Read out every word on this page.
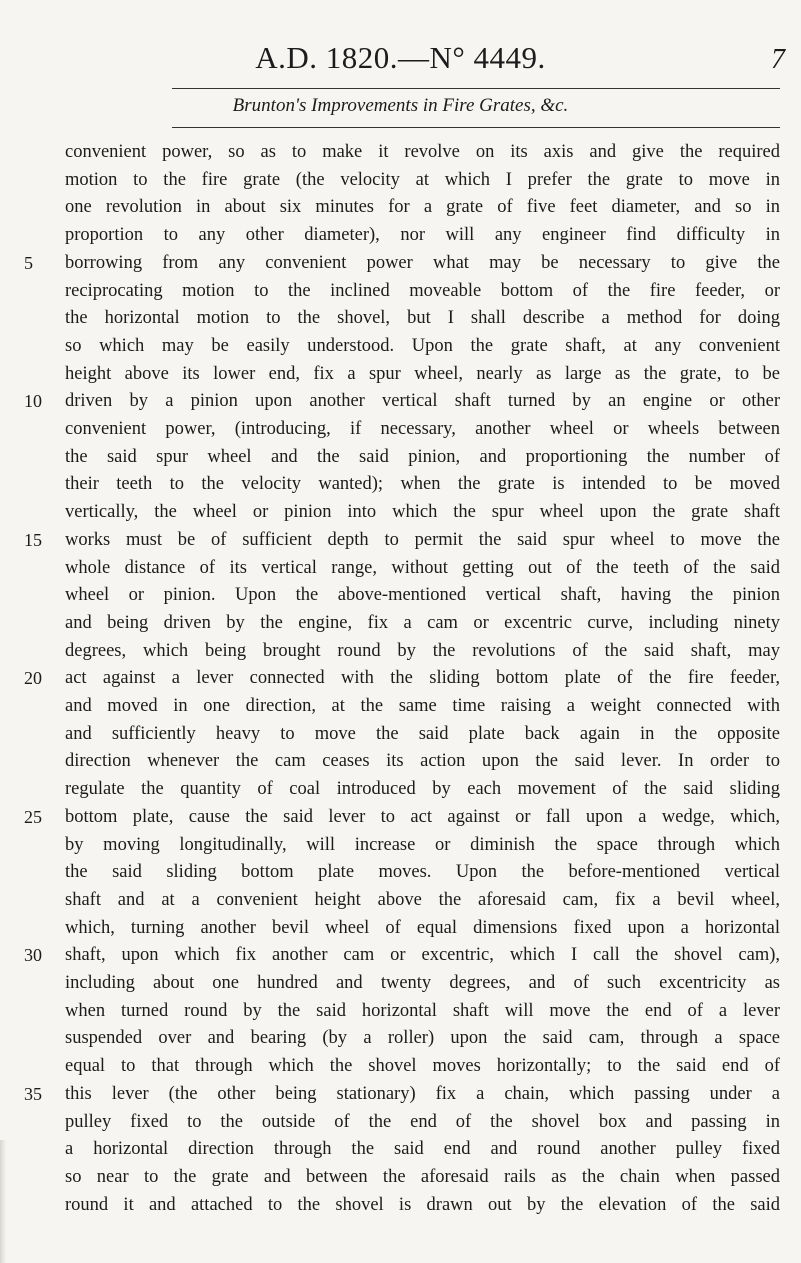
A.D. 1820.—N° 4449.	7
Brunton's Improvements in Fire Grates, &c.
convenient power, so as to make it revolve on its axis and give the required
motion to the fire grate (the velocity at which I prefer the grate to move in
one revolution in about six minutes for a grate of five feet diameter, and so in
proportion to any other diameter), nor will any engineer find difficulty in
borrowing from any convenient power what may be necessary to give the
reciprocating motion to the inclined moveable bottom of the fire feeder, or
the horizontal motion to the shovel, but I shall describe a method for doing
so which may be easily understood. Upon the grate shaft, at any convenient
height above its lower end, fix a spur wheel, nearly as large as the grate, to be
driven by a pinion upon another vertical shaft turned by an engine or other
convenient power, (introducing, if necessary, another wheel or wheels between
the said spur wheel and the said pinion, and proportioning the number of
their teeth to the velocity wanted); when the grate is intended to be moved
vertically, the wheel or pinion into which the spur wheel upon the grate shaft
works must be of sufficient depth to permit the said spur wheel to move the
whole distance of its vertical range, without getting out of the teeth of the said
wheel or pinion. Upon the above-mentioned vertical shaft, having the pinion
and being driven by the engine, fix a cam or excentric curve, including ninety
degrees, which being brought round by the revolutions of the said shaft, may
act against a lever connected with the sliding bottom plate of the fire feeder,
and moved in one direction, at the same time raising a weight connected with
and sufficiently heavy to move the said plate back again in the opposite
direction whenever the cam ceases its action upon the said lever. In order to
regulate the quantity of coal introduced by each movement of the said sliding
bottom plate, cause the said lever to act against or fall upon a wedge, which,
by moving longitudinally, will increase or diminish the space through which
the said sliding bottom plate moves. Upon the before-mentioned vertical
shaft and at a convenient height above the aforesaid cam, fix a bevil wheel,
which, turning another bevil wheel of equal dimensions fixed upon a horizontal
shaft, upon which fix another cam or excentric, which I call the shovel cam),
including about one hundred and twenty degrees, and of such excentricity as
when turned round by the said horizontal shaft will move the end of a lever
suspended over and bearing (by a roller) upon the said cam, through a space
equal to that through which the shovel moves horizontally; to the said end of
this lever (the other being stationary) fix a chain, which passing under a
pulley fixed to the outside of the end of the shovel box and passing in
a horizontal direction through the said end and round another pulley fixed
so near to the grate and between the aforesaid rails as the chain when passed
round it and attached to the shovel is drawn out by the elevation of the said
5
10
15
20
25
30
35
